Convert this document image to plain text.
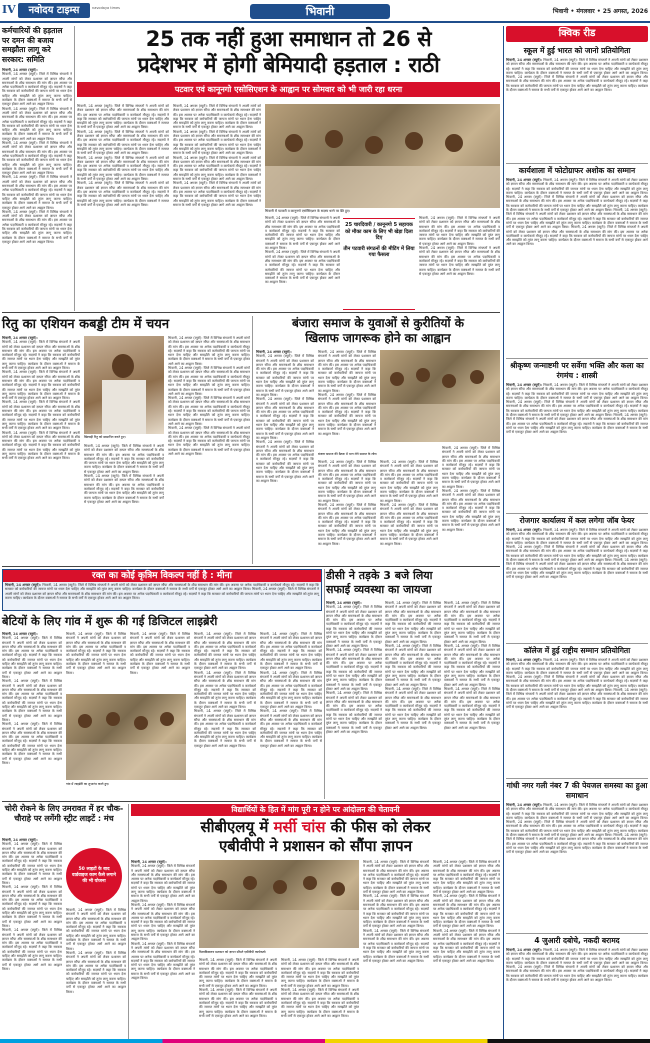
IV	नवोदय टाइम्स	navodaya times	भिवानी	भिवानी • मंगलवार • 25 अगस्त, 2026
कर्मचारियों की हड़ताल पर दमन की बजाय समझौता लागू करे सरकार: समिति
भिवानी, 24 अगस्त (ब्यूरो):
भिवानी, 24 अगस्त (ब्यूरो): जिले में विभिन्न संगठनों ने अपनी मांगों को लेकर प्रशासन को ज्ञापन सौंपा और समस्याओं के शीघ्र समाधान की मांग की। इस अवसर पर अनेक पदाधिकारी व कार्यकर्ता मौजूद रहे। सदस्यों ने कहा कि सरकार को कर्मचारियों की जायज मांगों पर ध्यान देना चाहिए और समझौते को तुरंत लागू करना चाहिए। कार्यक्रम के दौरान वक्ताओं ने समाज के सभी वर्गों से एकजुट होकर आगे आने का आह्वान किया।
भिवानी, 24 अगस्त (ब्यूरो): जिले में विभिन्न संगठनों ने अपनी मांगों को लेकर प्रशासन को ज्ञापन सौंपा और समस्याओं के शीघ्र समाधान की मांग की। इस अवसर पर अनेक पदाधिकारी व कार्यकर्ता मौजूद रहे। सदस्यों ने कहा कि सरकार को कर्मचारियों की जायज मांगों पर ध्यान देना चाहिए और समझौते को तुरंत लागू करना चाहिए। कार्यक्रम के दौरान वक्ताओं ने समाज के सभी वर्गों से एकजुट होकर आगे आने का आह्वान किया।
भिवानी, 24 अगस्त (ब्यूरो): जिले में विभिन्न संगठनों ने अपनी मांगों को लेकर प्रशासन को ज्ञापन सौंपा और समस्याओं के शीघ्र समाधान की मांग की। इस अवसर पर अनेक पदाधिकारी व कार्यकर्ता मौजूद रहे। सदस्यों ने कहा कि सरकार को कर्मचारियों की जायज मांगों पर ध्यान देना चाहिए और समझौते को तुरंत लागू करना चाहिए। कार्यक्रम के दौरान वक्ताओं ने समाज के सभी वर्गों से एकजुट होकर आगे आने का आह्वान किया।
भिवानी, 24 अगस्त (ब्यूरो): जिले में विभिन्न संगठनों ने अपनी मांगों को लेकर प्रशासन को ज्ञापन सौंपा और समस्याओं के शीघ्र समाधान की मांग की। इस अवसर पर अनेक पदाधिकारी व कार्यकर्ता मौजूद रहे। सदस्यों ने कहा कि सरकार को कर्मचारियों की जायज मांगों पर ध्यान देना चाहिए और समझौते को तुरंत लागू करना चाहिए। कार्यक्रम के दौरान वक्ताओं ने समाज के सभी वर्गों से एकजुट होकर आगे आने का आह्वान किया।
भिवानी, 24 अगस्त (ब्यूरो): जिले में विभिन्न संगठनों ने अपनी मांगों को लेकर प्रशासन को ज्ञापन सौंपा और समस्याओं के शीघ्र समाधान की मांग की। इस अवसर पर अनेक पदाधिकारी व कार्यकर्ता मौजूद रहे। सदस्यों ने कहा कि सरकार को कर्मचारियों की जायज मांगों पर ध्यान देना चाहिए और समझौते को तुरंत लागू करना चाहिए। कार्यक्रम के दौरान वक्ताओं ने समाज के सभी वर्गों से एकजुट होकर आगे आने का आह्वान किया।
25 तक नहीं हुआ समाधान तो 26 से
प्रदेशभर में होगी बेमियादी हड़ताल : राठी
पटवार एवं कानूनगो एसोसिएशन के आह्वान पर सोमवार को भी जारी रहा धरना
भिवानी, 24 अगस्त (ब्यूरो): जिले में विभिन्न संगठनों ने अपनी मांगों को लेकर प्रशासन को ज्ञापन सौंपा और समस्याओं के शीघ्र समाधान की मांग की। इस अवसर पर अनेक पदाधिकारी व कार्यकर्ता मौजूद रहे। सदस्यों ने कहा कि सरकार को कर्मचारियों की जायज मांगों पर ध्यान देना चाहिए और समझौते को तुरंत लागू करना चाहिए। कार्यक्रम के दौरान वक्ताओं ने समाज के सभी वर्गों से एकजुट होकर आगे आने का आह्वान किया।
भिवानी, 24 अगस्त (ब्यूरो): जिले में विभिन्न संगठनों ने अपनी मांगों को लेकर प्रशासन को ज्ञापन सौंपा और समस्याओं के शीघ्र समाधान की मांग की। इस अवसर पर अनेक पदाधिकारी व कार्यकर्ता मौजूद रहे। सदस्यों ने कहा कि सरकार को कर्मचारियों की जायज मांगों पर ध्यान देना चाहिए और समझौते को तुरंत लागू करना चाहिए। कार्यक्रम के दौरान वक्ताओं ने समाज के सभी वर्गों से एकजुट होकर आगे आने का आह्वान किया।
भिवानी, 24 अगस्त (ब्यूरो): जिले में विभिन्न संगठनों ने अपनी मांगों को लेकर प्रशासन को ज्ञापन सौंपा और समस्याओं के शीघ्र समाधान की मांग की। इस अवसर पर अनेक पदाधिकारी व कार्यकर्ता मौजूद रहे। सदस्यों ने कहा कि सरकार को कर्मचारियों की जायज मांगों पर ध्यान देना चाहिए और समझौते को तुरंत लागू करना चाहिए। कार्यक्रम के दौरान वक्ताओं ने समाज के सभी वर्गों से एकजुट होकर आगे आने का आह्वान किया।
भिवानी, 24 अगस्त (ब्यूरो): जिले में विभिन्न संगठनों ने अपनी मांगों को लेकर प्रशासन को ज्ञापन सौंपा और समस्याओं के शीघ्र समाधान की मांग की। इस अवसर पर अनेक पदाधिकारी व कार्यकर्ता मौजूद रहे। सदस्यों ने कहा कि सरकार को कर्मचारियों की जायज मांगों पर ध्यान देना चाहिए और समझौते को तुरंत लागू करना चाहिए। कार्यक्रम के दौरान वक्ताओं ने समाज के सभी वर्गों से एकजुट होकर आगे आने का आह्वान किया।
भिवानी, 24 अगस्त (ब्यूरो): जिले में विभिन्न संगठनों ने अपनी मांगों को लेकर प्रशासन को ज्ञापन सौंपा और समस्याओं के शीघ्र समाधान की मांग की। इस अवसर पर अनेक पदाधिकारी व कार्यकर्ता मौजूद रहे। सदस्यों ने कहा कि सरकार को कर्मचारियों की जायज मांगों पर ध्यान देना चाहिए और समझौते को तुरंत लागू करना चाहिए। कार्यक्रम के दौरान वक्ताओं ने समाज के सभी वर्गों से एकजुट होकर आगे आने का आह्वान किया।
भिवानी, 24 अगस्त (ब्यूरो): जिले में विभिन्न संगठनों ने अपनी मांगों को लेकर प्रशासन को ज्ञापन सौंपा और समस्याओं के शीघ्र समाधान की मांग की। इस अवसर पर अनेक पदाधिकारी व कार्यकर्ता मौजूद रहे। सदस्यों ने कहा कि सरकार को कर्मचारियों की जायज मांगों पर ध्यान देना चाहिए और समझौते को तुरंत लागू करना चाहिए। कार्यक्रम के दौरान वक्ताओं ने समाज के सभी वर्गों से एकजुट होकर आगे आने का आह्वान किया।
भिवानी, 24 अगस्त (ब्यूरो): जिले में विभिन्न संगठनों ने अपनी मांगों को लेकर प्रशासन को ज्ञापन सौंपा और समस्याओं के शीघ्र समाधान की मांग की। इस अवसर पर अनेक पदाधिकारी व कार्यकर्ता मौजूद रहे। सदस्यों ने कहा कि सरकार को कर्मचारियों की जायज मांगों पर ध्यान देना चाहिए और समझौते को तुरंत लागू करना चाहिए। कार्यक्रम के दौरान वक्ताओं ने समाज के सभी वर्गों से एकजुट होकर आगे आने का आह्वान किया।
भिवानी, 24 अगस्त (ब्यूरो): जिले में विभिन्न संगठनों ने अपनी मांगों को लेकर प्रशासन को ज्ञापन सौंपा और समस्याओं के शीघ्र समाधान की मांग की। इस अवसर पर अनेक पदाधिकारी व कार्यकर्ता मौजूद रहे। सदस्यों ने कहा कि सरकार को कर्मचारियों की जायज मांगों पर ध्यान देना चाहिए और समझौते को तुरंत लागू करना चाहिए। कार्यक्रम के दौरान वक्ताओं ने समाज के सभी वर्गों से एकजुट होकर आगे आने का आह्वान किया।
भिवानी में पटवारी व कानूनगो एसोसिएशन के सदस्य धरने पर बैठे हुए।
भिवानी, 24 अगस्त (ब्यूरो): जिले में विभिन्न संगठनों ने अपनी मांगों को लेकर प्रशासन को ज्ञापन सौंपा और समस्याओं के शीघ्र समाधान की मांग की। इस अवसर पर अनेक पदाधिकारी व कार्यकर्ता मौजूद रहे। सदस्यों ने कहा कि सरकार को कर्मचारियों की जायज मांगों पर ध्यान देना चाहिए और समझौते को तुरंत लागू करना चाहिए। कार्यक्रम के दौरान वक्ताओं ने समाज के सभी वर्गों से एकजुट होकर आगे आने का आह्वान किया।
भिवानी, 24 अगस्त (ब्यूरो): जिले में विभिन्न संगठनों ने अपनी मांगों को लेकर प्रशासन को ज्ञापन सौंपा और समस्याओं के शीघ्र समाधान की मांग की। इस अवसर पर अनेक पदाधिकारी व कार्यकर्ता मौजूद रहे। सदस्यों ने कहा कि सरकार को कर्मचारियों की जायज मांगों पर ध्यान देना चाहिए और समझौते को तुरंत लागू करना चाहिए। कार्यक्रम के दौरान वक्ताओं ने समाज के सभी वर्गों से एकजुट होकर आगे आने का आह्वान किया।
25 चारदिवारी / कानूनगो 5 सहायक को मौका काम के लिए भी खेड़ा दिला दिए
तीन पटवारी संगठनों की मीटिंग में लिया गया फैसला
भिवानी, 24 अगस्त (ब्यूरो): जिले में विभिन्न संगठनों ने अपनी मांगों को लेकर प्रशासन को ज्ञापन सौंपा और समस्याओं के शीघ्र समाधान की मांग की। इस अवसर पर अनेक पदाधिकारी व कार्यकर्ता मौजूद रहे। सदस्यों ने कहा कि सरकार को कर्मचारियों की जायज मांगों पर ध्यान देना चाहिए और समझौते को तुरंत लागू करना चाहिए। कार्यक्रम के दौरान वक्ताओं ने समाज के सभी वर्गों से एकजुट होकर आगे आने का आह्वान किया।
भिवानी, 24 अगस्त (ब्यूरो): जिले में विभिन्न संगठनों ने अपनी मांगों को लेकर प्रशासन को ज्ञापन सौंपा और समस्याओं के शीघ्र समाधान की मांग की। इस अवसर पर अनेक पदाधिकारी व कार्यकर्ता मौजूद रहे। सदस्यों ने कहा कि सरकार को कर्मचारियों की जायज मांगों पर ध्यान देना चाहिए और समझौते को तुरंत लागू करना चाहिए। कार्यक्रम के दौरान वक्ताओं ने समाज के सभी वर्गों से एकजुट होकर आगे आने का आह्वान किया।
रितु का एशियन कबड्डी टीम में चयन
भिवानी, 24 अगस्त (ब्यूरो):
भिवानी, 24 अगस्त (ब्यूरो): जिले में विभिन्न संगठनों ने अपनी मांगों को लेकर प्रशासन को ज्ञापन सौंपा और समस्याओं के शीघ्र समाधान की मांग की। इस अवसर पर अनेक पदाधिकारी व कार्यकर्ता मौजूद रहे। सदस्यों ने कहा कि सरकार को कर्मचारियों की जायज मांगों पर ध्यान देना चाहिए और समझौते को तुरंत लागू करना चाहिए। कार्यक्रम के दौरान वक्ताओं ने समाज के सभी वर्गों से एकजुट होकर आगे आने का आह्वान किया।
भिवानी, 24 अगस्त (ब्यूरो): जिले में विभिन्न संगठनों ने अपनी मांगों को लेकर प्रशासन को ज्ञापन सौंपा और समस्याओं के शीघ्र समाधान की मांग की। इस अवसर पर अनेक पदाधिकारी व कार्यकर्ता मौजूद रहे। सदस्यों ने कहा कि सरकार को कर्मचारियों की जायज मांगों पर ध्यान देना चाहिए और समझौते को तुरंत लागू करना चाहिए। कार्यक्रम के दौरान वक्ताओं ने समाज के सभी वर्गों से एकजुट होकर आगे आने का आह्वान किया।
भिवानी, 24 अगस्त (ब्यूरो): जिले में विभिन्न संगठनों ने अपनी मांगों को लेकर प्रशासन को ज्ञापन सौंपा और समस्याओं के शीघ्र समाधान की मांग की। इस अवसर पर अनेक पदाधिकारी व कार्यकर्ता मौजूद रहे। सदस्यों ने कहा कि सरकार को कर्मचारियों की जायज मांगों पर ध्यान देना चाहिए और समझौते को तुरंत लागू करना चाहिए। कार्यक्रम के दौरान वक्ताओं ने समाज के सभी वर्गों से एकजुट होकर आगे आने का आह्वान किया।
भिवानी, 24 अगस्त (ब्यूरो): जिले में विभिन्न संगठनों ने अपनी मांगों को लेकर प्रशासन को ज्ञापन सौंपा और समस्याओं के शीघ्र समाधान की मांग की। इस अवसर पर अनेक पदाधिकारी व कार्यकर्ता मौजूद रहे। सदस्यों ने कहा कि सरकार को कर्मचारियों की जायज मांगों पर ध्यान देना चाहिए और समझौते को तुरंत लागू करना चाहिए। कार्यक्रम के दौरान वक्ताओं ने समाज के सभी वर्गों से एकजुट होकर आगे आने का आह्वान किया।
खिलाड़ी रितु को सम्मानित करते हुए।
भिवानी, 24 अगस्त (ब्यूरो): जिले में विभिन्न संगठनों ने अपनी मांगों को लेकर प्रशासन को ज्ञापन सौंपा और समस्याओं के शीघ्र समाधान की मांग की। इस अवसर पर अनेक पदाधिकारी व कार्यकर्ता मौजूद रहे। सदस्यों ने कहा कि सरकार को कर्मचारियों की जायज मांगों पर ध्यान देना चाहिए और समझौते को तुरंत लागू करना चाहिए। कार्यक्रम के दौरान वक्ताओं ने समाज के सभी वर्गों से एकजुट होकर आगे आने का आह्वान किया।
भिवानी, 24 अगस्त (ब्यूरो): जिले में विभिन्न संगठनों ने अपनी मांगों को लेकर प्रशासन को ज्ञापन सौंपा और समस्याओं के शीघ्र समाधान की मांग की। इस अवसर पर अनेक पदाधिकारी व कार्यकर्ता मौजूद रहे। सदस्यों ने कहा कि सरकार को कर्मचारियों की जायज मांगों पर ध्यान देना चाहिए और समझौते को तुरंत लागू करना चाहिए। कार्यक्रम के दौरान वक्ताओं ने समाज के सभी वर्गों से एकजुट होकर आगे आने का आह्वान किया।
भिवानी, 24 अगस्त (ब्यूरो): जिले में विभिन्न संगठनों ने अपनी मांगों को लेकर प्रशासन को ज्ञापन सौंपा और समस्याओं के शीघ्र समाधान की मांग की। इस अवसर पर अनेक पदाधिकारी व कार्यकर्ता मौजूद रहे। सदस्यों ने कहा कि सरकार को कर्मचारियों की जायज मांगों पर ध्यान देना चाहिए और समझौते को तुरंत लागू करना चाहिए। कार्यक्रम के दौरान वक्ताओं ने समाज के सभी वर्गों से एकजुट होकर आगे आने का आह्वान किया।
भिवानी, 24 अगस्त (ब्यूरो): जिले में विभिन्न संगठनों ने अपनी मांगों को लेकर प्रशासन को ज्ञापन सौंपा और समस्याओं के शीघ्र समाधान की मांग की। इस अवसर पर अनेक पदाधिकारी व कार्यकर्ता मौजूद रहे। सदस्यों ने कहा कि सरकार को कर्मचारियों की जायज मांगों पर ध्यान देना चाहिए और समझौते को तुरंत लागू करना चाहिए। कार्यक्रम के दौरान वक्ताओं ने समाज के सभी वर्गों से एकजुट होकर आगे आने का आह्वान किया।
भिवानी, 24 अगस्त (ब्यूरो): जिले में विभिन्न संगठनों ने अपनी मांगों को लेकर प्रशासन को ज्ञापन सौंपा और समस्याओं के शीघ्र समाधान की मांग की। इस अवसर पर अनेक पदाधिकारी व कार्यकर्ता मौजूद रहे। सदस्यों ने कहा कि सरकार को कर्मचारियों की जायज मांगों पर ध्यान देना चाहिए और समझौते को तुरंत लागू करना चाहिए। कार्यक्रम के दौरान वक्ताओं ने समाज के सभी वर्गों से एकजुट होकर आगे आने का आह्वान किया।
भिवानी, 24 अगस्त (ब्यूरो): जिले में विभिन्न संगठनों ने अपनी मांगों को लेकर प्रशासन को ज्ञापन सौंपा और समस्याओं के शीघ्र समाधान की मांग की। इस अवसर पर अनेक पदाधिकारी व कार्यकर्ता मौजूद रहे। सदस्यों ने कहा कि सरकार को कर्मचारियों की जायज मांगों पर ध्यान देना चाहिए और समझौते को तुरंत लागू करना चाहिए। कार्यक्रम के दौरान वक्ताओं ने समाज के सभी वर्गों से एकजुट होकर आगे आने का आह्वान किया।
बंजारा समाज के युवाओं से कुरीतियों के
खिलाफ जागरूक होने का आह्वान
भिवानी, 24 अगस्त (ब्यूरो):
भिवानी, 24 अगस्त (ब्यूरो): जिले में विभिन्न संगठनों ने अपनी मांगों को लेकर प्रशासन को ज्ञापन सौंपा और समस्याओं के शीघ्र समाधान की मांग की। इस अवसर पर अनेक पदाधिकारी व कार्यकर्ता मौजूद रहे। सदस्यों ने कहा कि सरकार को कर्मचारियों की जायज मांगों पर ध्यान देना चाहिए और समझौते को तुरंत लागू करना चाहिए। कार्यक्रम के दौरान वक्ताओं ने समाज के सभी वर्गों से एकजुट होकर आगे आने का आह्वान किया।
भिवानी, 24 अगस्त (ब्यूरो): जिले में विभिन्न संगठनों ने अपनी मांगों को लेकर प्रशासन को ज्ञापन सौंपा और समस्याओं के शीघ्र समाधान की मांग की। इस अवसर पर अनेक पदाधिकारी व कार्यकर्ता मौजूद रहे। सदस्यों ने कहा कि सरकार को कर्मचारियों की जायज मांगों पर ध्यान देना चाहिए और समझौते को तुरंत लागू करना चाहिए। कार्यक्रम के दौरान वक्ताओं ने समाज के सभी वर्गों से एकजुट होकर आगे आने का आह्वान किया।
भिवानी, 24 अगस्त (ब्यूरो): जिले में विभिन्न संगठनों ने अपनी मांगों को लेकर प्रशासन को ज्ञापन सौंपा और समस्याओं के शीघ्र समाधान की मांग की। इस अवसर पर अनेक पदाधिकारी व कार्यकर्ता मौजूद रहे। सदस्यों ने कहा कि सरकार को कर्मचारियों की जायज मांगों पर ध्यान देना चाहिए और समझौते को तुरंत लागू करना चाहिए। कार्यक्रम के दौरान वक्ताओं ने समाज के सभी वर्गों से एकजुट होकर आगे आने का आह्वान किया।
भिवानी, 24 अगस्त (ब्यूरो): जिले में विभिन्न संगठनों ने अपनी मांगों को लेकर प्रशासन को ज्ञापन सौंपा और समस्याओं के शीघ्र समाधान की मांग की। इस अवसर पर अनेक पदाधिकारी व कार्यकर्ता मौजूद रहे। सदस्यों ने कहा कि सरकार को कर्मचारियों की जायज मांगों पर ध्यान देना चाहिए और समझौते को तुरंत लागू करना चाहिए। कार्यक्रम के दौरान वक्ताओं ने समाज के सभी वर्गों से एकजुट होकर आगे आने का आह्वान किया।
भिवानी, 24 अगस्त (ब्यूरो): जिले में विभिन्न संगठनों ने अपनी मांगों को लेकर प्रशासन को ज्ञापन सौंपा और समस्याओं के शीघ्र समाधान की मांग की। इस अवसर पर अनेक पदाधिकारी व कार्यकर्ता मौजूद रहे। सदस्यों ने कहा कि सरकार को कर्मचारियों की जायज मांगों पर ध्यान देना चाहिए और समझौते को तुरंत लागू करना चाहिए। कार्यक्रम के दौरान वक्ताओं ने समाज के सभी वर्गों से एकजुट होकर आगे आने का आह्वान किया।
बंजारा समाज की बैठक में भाग लेते समाज के लोग।
भिवानी, 24 अगस्त (ब्यूरो): जिले में विभिन्न संगठनों ने अपनी मांगों को लेकर प्रशासन को ज्ञापन सौंपा और समस्याओं के शीघ्र समाधान की मांग की। इस अवसर पर अनेक पदाधिकारी व कार्यकर्ता मौजूद रहे। सदस्यों ने कहा कि सरकार को कर्मचारियों की जायज मांगों पर ध्यान देना चाहिए और समझौते को तुरंत लागू करना चाहिए। कार्यक्रम के दौरान वक्ताओं ने समाज के सभी वर्गों से एकजुट होकर आगे आने का आह्वान किया।
भिवानी, 24 अगस्त (ब्यूरो): जिले में विभिन्न संगठनों ने अपनी मांगों को लेकर प्रशासन को ज्ञापन सौंपा और समस्याओं के शीघ्र समाधान की मांग की। इस अवसर पर अनेक पदाधिकारी व कार्यकर्ता मौजूद रहे। सदस्यों ने कहा कि सरकार को कर्मचारियों की जायज मांगों पर ध्यान देना चाहिए और समझौते को तुरंत लागू करना चाहिए। कार्यक्रम के दौरान वक्ताओं ने समाज के सभी वर्गों से एकजुट होकर आगे आने का आह्वान किया।
भिवानी, 24 अगस्त (ब्यूरो): जिले में विभिन्न संगठनों ने अपनी मांगों को लेकर प्रशासन को ज्ञापन सौंपा और समस्याओं के शीघ्र समाधान की मांग की। इस अवसर पर अनेक पदाधिकारी व कार्यकर्ता मौजूद रहे। सदस्यों ने कहा कि सरकार को कर्मचारियों की जायज मांगों पर ध्यान देना चाहिए और समझौते को तुरंत लागू करना चाहिए। कार्यक्रम के दौरान वक्ताओं ने समाज के सभी वर्गों से एकजुट होकर आगे आने का आह्वान किया।
भिवानी, 24 अगस्त (ब्यूरो): जिले में विभिन्न संगठनों ने अपनी मांगों को लेकर प्रशासन को ज्ञापन सौंपा और समस्याओं के शीघ्र समाधान की मांग की। इस अवसर पर अनेक पदाधिकारी व कार्यकर्ता मौजूद रहे। सदस्यों ने कहा कि सरकार को कर्मचारियों की जायज मांगों पर ध्यान देना चाहिए और समझौते को तुरंत लागू करना चाहिए। कार्यक्रम के दौरान वक्ताओं ने समाज के सभी वर्गों से एकजुट होकर आगे आने का आह्वान किया।
भिवानी, 24 अगस्त (ब्यूरो): जिले में विभिन्न संगठनों ने अपनी मांगों को लेकर प्रशासन को ज्ञापन सौंपा और समस्याओं के शीघ्र समाधान की मांग की। इस अवसर पर अनेक पदाधिकारी व कार्यकर्ता मौजूद रहे। सदस्यों ने कहा कि सरकार को कर्मचारियों की जायज मांगों पर ध्यान देना चाहिए और समझौते को तुरंत लागू करना चाहिए। कार्यक्रम के दौरान वक्ताओं ने समाज के सभी वर्गों से एकजुट होकर आगे आने का आह्वान किया।
भिवानी, 24 अगस्त (ब्यूरो): जिले में विभिन्न संगठनों ने अपनी मांगों को लेकर प्रशासन को ज्ञापन सौंपा और समस्याओं के शीघ्र समाधान की मांग की। इस अवसर पर अनेक पदाधिकारी व कार्यकर्ता मौजूद रहे। सदस्यों ने कहा कि सरकार को कर्मचारियों की जायज मांगों पर ध्यान देना चाहिए और समझौते को तुरंत लागू करना चाहिए। कार्यक्रम के दौरान वक्ताओं ने समाज के सभी वर्गों से एकजुट होकर आगे आने का आह्वान किया।
रक्त का कोई कृत्रिम विकल्प नहीं है : मीना
भिवानी, 24 अगस्त (ब्यूरो): भिवानी, 24 अगस्त (ब्यूरो): जिले में विभिन्न संगठनों ने अपनी मांगों को लेकर प्रशासन को ज्ञापन सौंपा और समस्याओं के शीघ्र समाधान की मांग की। इस अवसर पर अनेक पदाधिकारी व कार्यकर्ता मौजूद रहे। सदस्यों ने कहा कि सरकार को कर्मचारियों की जायज मांगों पर ध्यान देना चाहिए और समझौते को तुरंत लागू करना चाहिए। कार्यक्रम के दौरान वक्ताओं ने समाज के सभी वर्गों से एकजुट होकर आगे आने का आह्वान किया। भिवानी, 24 अगस्त (ब्यूरो): जिले में विभिन्न संगठनों ने अपनी मांगों को लेकर प्रशासन को ज्ञापन सौंपा और समस्याओं के शीघ्र समाधान की मांग की। इस अवसर पर अनेक पदाधिकारी व कार्यकर्ता मौजूद रहे। सदस्यों ने कहा कि सरकार को कर्मचारियों की जायज मांगों पर ध्यान देना चाहिए और समझौते को तुरंत लागू करना चाहिए। कार्यक्रम के दौरान वक्ताओं ने समाज के सभी वर्गों से एकजुट होकर आगे आने का आह्वान किया।
डीसी ने तड़के 3 बजे लिया
सफाई व्यवस्था का जायजा
भिवानी, 24 अगस्त (ब्यूरो):
भिवानी, 24 अगस्त (ब्यूरो): जिले में विभिन्न संगठनों ने अपनी मांगों को लेकर प्रशासन को ज्ञापन सौंपा और समस्याओं के शीघ्र समाधान की मांग की। इस अवसर पर अनेक पदाधिकारी व कार्यकर्ता मौजूद रहे। सदस्यों ने कहा कि सरकार को कर्मचारियों की जायज मांगों पर ध्यान देना चाहिए और समझौते को तुरंत लागू करना चाहिए। कार्यक्रम के दौरान वक्ताओं ने समाज के सभी वर्गों से एकजुट होकर आगे आने का आह्वान किया।
भिवानी, 24 अगस्त (ब्यूरो): जिले में विभिन्न संगठनों ने अपनी मांगों को लेकर प्रशासन को ज्ञापन सौंपा और समस्याओं के शीघ्र समाधान की मांग की। इस अवसर पर अनेक पदाधिकारी व कार्यकर्ता मौजूद रहे। सदस्यों ने कहा कि सरकार को कर्मचारियों की जायज मांगों पर ध्यान देना चाहिए और समझौते को तुरंत लागू करना चाहिए। कार्यक्रम के दौरान वक्ताओं ने समाज के सभी वर्गों से एकजुट होकर आगे आने का आह्वान किया।
भिवानी, 24 अगस्त (ब्यूरो): जिले में विभिन्न संगठनों ने अपनी मांगों को लेकर प्रशासन को ज्ञापन सौंपा और समस्याओं के शीघ्र समाधान की मांग की। इस अवसर पर अनेक पदाधिकारी व कार्यकर्ता मौजूद रहे। सदस्यों ने कहा कि सरकार को कर्मचारियों की जायज मांगों पर ध्यान देना चाहिए और समझौते को तुरंत लागू करना चाहिए। कार्यक्रम के दौरान वक्ताओं ने समाज के सभी वर्गों से एकजुट होकर आगे आने का आह्वान किया।
भिवानी, 24 अगस्त (ब्यूरो): जिले में विभिन्न संगठनों ने अपनी मांगों को लेकर प्रशासन को ज्ञापन सौंपा और समस्याओं के शीघ्र समाधान की मांग की। इस अवसर पर अनेक पदाधिकारी व कार्यकर्ता मौजूद रहे। सदस्यों ने कहा कि सरकार को कर्मचारियों की जायज मांगों पर ध्यान देना चाहिए और समझौते को तुरंत लागू करना चाहिए। कार्यक्रम के दौरान वक्ताओं ने समाज के सभी वर्गों से एकजुट होकर आगे आने का आह्वान किया।
भिवानी, 24 अगस्त (ब्यूरो): जिले में विभिन्न संगठनों ने अपनी मांगों को लेकर प्रशासन को ज्ञापन सौंपा और समस्याओं के शीघ्र समाधान की मांग की। इस अवसर पर अनेक पदाधिकारी व कार्यकर्ता मौजूद रहे। सदस्यों ने कहा कि सरकार को कर्मचारियों की जायज मांगों पर ध्यान देना चाहिए और समझौते को तुरंत लागू करना चाहिए। कार्यक्रम के दौरान वक्ताओं ने समाज के सभी वर्गों से एकजुट होकर आगे आने का आह्वान किया।
भिवानी, 24 अगस्त (ब्यूरो): जिले में विभिन्न संगठनों ने अपनी मांगों को लेकर प्रशासन को ज्ञापन सौंपा और समस्याओं के शीघ्र समाधान की मांग की। इस अवसर पर अनेक पदाधिकारी व कार्यकर्ता मौजूद रहे। सदस्यों ने कहा कि सरकार को कर्मचारियों की जायज मांगों पर ध्यान देना चाहिए और समझौते को तुरंत लागू करना चाहिए। कार्यक्रम के दौरान वक्ताओं ने समाज के सभी वर्गों से एकजुट होकर आगे आने का आह्वान किया।
भिवानी, 24 अगस्त (ब्यूरो): जिले में विभिन्न संगठनों ने अपनी मांगों को लेकर प्रशासन को ज्ञापन सौंपा और समस्याओं के शीघ्र समाधान की मांग की। इस अवसर पर अनेक पदाधिकारी व कार्यकर्ता मौजूद रहे। सदस्यों ने कहा कि सरकार को कर्मचारियों की जायज मांगों पर ध्यान देना चाहिए और समझौते को तुरंत लागू करना चाहिए। कार्यक्रम के दौरान वक्ताओं ने समाज के सभी वर्गों से एकजुट होकर आगे आने का आह्वान किया।
भिवानी, 24 अगस्त (ब्यूरो): जिले में विभिन्न संगठनों ने अपनी मांगों को लेकर प्रशासन को ज्ञापन सौंपा और समस्याओं के शीघ्र समाधान की मांग की। इस अवसर पर अनेक पदाधिकारी व कार्यकर्ता मौजूद रहे। सदस्यों ने कहा कि सरकार को कर्मचारियों की जायज मांगों पर ध्यान देना चाहिए और समझौते को तुरंत लागू करना चाहिए। कार्यक्रम के दौरान वक्ताओं ने समाज के सभी वर्गों से एकजुट होकर आगे आने का आह्वान किया।
भिवानी, 24 अगस्त (ब्यूरो): जिले में विभिन्न संगठनों ने अपनी मांगों को लेकर प्रशासन को ज्ञापन सौंपा और समस्याओं के शीघ्र समाधान की मांग की। इस अवसर पर अनेक पदाधिकारी व कार्यकर्ता मौजूद रहे। सदस्यों ने कहा कि सरकार को कर्मचारियों की जायज मांगों पर ध्यान देना चाहिए और समझौते को तुरंत लागू करना चाहिए। कार्यक्रम के दौरान वक्ताओं ने समाज के सभी वर्गों से एकजुट होकर आगे आने का आह्वान किया।
बेटियों के लिए गांव में शुरू की गई डिजिटल लाइब्रेरी
भिवानी, 24 अगस्त (ब्यूरो):
भिवानी, 24 अगस्त (ब्यूरो): जिले में विभिन्न संगठनों ने अपनी मांगों को लेकर प्रशासन को ज्ञापन सौंपा और समस्याओं के शीघ्र समाधान की मांग की। इस अवसर पर अनेक पदाधिकारी व कार्यकर्ता मौजूद रहे। सदस्यों ने कहा कि सरकार को कर्मचारियों की जायज मांगों पर ध्यान देना चाहिए और समझौते को तुरंत लागू करना चाहिए। कार्यक्रम के दौरान वक्ताओं ने समाज के सभी वर्गों से एकजुट होकर आगे आने का आह्वान किया।
भिवानी, 24 अगस्त (ब्यूरो): जिले में विभिन्न संगठनों ने अपनी मांगों को लेकर प्रशासन को ज्ञापन सौंपा और समस्याओं के शीघ्र समाधान की मांग की। इस अवसर पर अनेक पदाधिकारी व कार्यकर्ता मौजूद रहे। सदस्यों ने कहा कि सरकार को कर्मचारियों की जायज मांगों पर ध्यान देना चाहिए और समझौते को तुरंत लागू करना चाहिए। कार्यक्रम के दौरान वक्ताओं ने समाज के सभी वर्गों से एकजुट होकर आगे आने का आह्वान किया।
भिवानी, 24 अगस्त (ब्यूरो): जिले में विभिन्न संगठनों ने अपनी मांगों को लेकर प्रशासन को ज्ञापन सौंपा और समस्याओं के शीघ्र समाधान की मांग की। इस अवसर पर अनेक पदाधिकारी व कार्यकर्ता मौजूद रहे। सदस्यों ने कहा कि सरकार को कर्मचारियों की जायज मांगों पर ध्यान देना चाहिए और समझौते को तुरंत लागू करना चाहिए। कार्यक्रम के दौरान वक्ताओं ने समाज के सभी वर्गों से एकजुट होकर आगे आने का आह्वान किया।
भिवानी, 24 अगस्त (ब्यूरो): जिले में विभिन्न संगठनों ने अपनी मांगों को लेकर प्रशासन को ज्ञापन सौंपा और समस्याओं के शीघ्र समाधान की मांग की। इस अवसर पर अनेक पदाधिकारी व कार्यकर्ता मौजूद रहे। सदस्यों ने कहा कि सरकार को कर्मचारियों की जायज मांगों पर ध्यान देना चाहिए और समझौते को तुरंत लागू करना चाहिए। कार्यक्रम के दौरान वक्ताओं ने समाज के सभी वर्गों से एकजुट होकर आगे आने का आह्वान किया।
गांव में लाइब्रेरी का शुभारंभ करते हुए।
भिवानी, 24 अगस्त (ब्यूरो): जिले में विभिन्न संगठनों ने अपनी मांगों को लेकर प्रशासन को ज्ञापन सौंपा और समस्याओं के शीघ्र समाधान की मांग की। इस अवसर पर अनेक पदाधिकारी व कार्यकर्ता मौजूद रहे। सदस्यों ने कहा कि सरकार को कर्मचारियों की जायज मांगों पर ध्यान देना चाहिए और समझौते को तुरंत लागू करना चाहिए। कार्यक्रम के दौरान वक्ताओं ने समाज के सभी वर्गों से एकजुट होकर आगे आने का आह्वान किया।
भिवानी, 24 अगस्त (ब्यूरो): जिले में विभिन्न संगठनों ने अपनी मांगों को लेकर प्रशासन को ज्ञापन सौंपा और समस्याओं के शीघ्र समाधान की मांग की। इस अवसर पर अनेक पदाधिकारी व कार्यकर्ता मौजूद रहे। सदस्यों ने कहा कि सरकार को कर्मचारियों की जायज मांगों पर ध्यान देना चाहिए और समझौते को तुरंत लागू करना चाहिए। कार्यक्रम के दौरान वक्ताओं ने समाज के सभी वर्गों से एकजुट होकर आगे आने का आह्वान किया।
भिवानी, 24 अगस्त (ब्यूरो): जिले में विभिन्न संगठनों ने अपनी मांगों को लेकर प्रशासन को ज्ञापन सौंपा और समस्याओं के शीघ्र समाधान की मांग की। इस अवसर पर अनेक पदाधिकारी व कार्यकर्ता मौजूद रहे। सदस्यों ने कहा कि सरकार को कर्मचारियों की जायज मांगों पर ध्यान देना चाहिए और समझौते को तुरंत लागू करना चाहिए। कार्यक्रम के दौरान वक्ताओं ने समाज के सभी वर्गों से एकजुट होकर आगे आने का आह्वान किया।
भिवानी, 24 अगस्त (ब्यूरो): जिले में विभिन्न संगठनों ने अपनी मांगों को लेकर प्रशासन को ज्ञापन सौंपा और समस्याओं के शीघ्र समाधान की मांग की। इस अवसर पर अनेक पदाधिकारी व कार्यकर्ता मौजूद रहे। सदस्यों ने कहा कि सरकार को कर्मचारियों की जायज मांगों पर ध्यान देना चाहिए और समझौते को तुरंत लागू करना चाहिए। कार्यक्रम के दौरान वक्ताओं ने समाज के सभी वर्गों से एकजुट होकर आगे आने का आह्वान किया।
भिवानी, 24 अगस्त (ब्यूरो): जिले में विभिन्न संगठनों ने अपनी मांगों को लेकर प्रशासन को ज्ञापन सौंपा और समस्याओं के शीघ्र समाधान की मांग की। इस अवसर पर अनेक पदाधिकारी व कार्यकर्ता मौजूद रहे। सदस्यों ने कहा कि सरकार को कर्मचारियों की जायज मांगों पर ध्यान देना चाहिए और समझौते को तुरंत लागू करना चाहिए। कार्यक्रम के दौरान वक्ताओं ने समाज के सभी वर्गों से एकजुट होकर आगे आने का आह्वान किया।
भिवानी, 24 अगस्त (ब्यूरो): जिले में विभिन्न संगठनों ने अपनी मांगों को लेकर प्रशासन को ज्ञापन सौंपा और समस्याओं के शीघ्र समाधान की मांग की। इस अवसर पर अनेक पदाधिकारी व कार्यकर्ता मौजूद रहे। सदस्यों ने कहा कि सरकार को कर्मचारियों की जायज मांगों पर ध्यान देना चाहिए और समझौते को तुरंत लागू करना चाहिए। कार्यक्रम के दौरान वक्ताओं ने समाज के सभी वर्गों से एकजुट होकर आगे आने का आह्वान किया।
भिवानी, 24 अगस्त (ब्यूरो): जिले में विभिन्न संगठनों ने अपनी मांगों को लेकर प्रशासन को ज्ञापन सौंपा और समस्याओं के शीघ्र समाधान की मांग की। इस अवसर पर अनेक पदाधिकारी व कार्यकर्ता मौजूद रहे। सदस्यों ने कहा कि सरकार को कर्मचारियों की जायज मांगों पर ध्यान देना चाहिए और समझौते को तुरंत लागू करना चाहिए। कार्यक्रम के दौरान वक्ताओं ने समाज के सभी वर्गों से एकजुट होकर आगे आने का आह्वान किया।
चोरी रोकने के लिए उमरावत में हर चौक-चौराहे पर लगेंगी स्ट्रीट लाइटें : मंच
भिवानी, 24 अगस्त (ब्यूरो):
भिवानी, 24 अगस्त (ब्यूरो): जिले में विभिन्न संगठनों ने अपनी मांगों को लेकर प्रशासन को ज्ञापन सौंपा और समस्याओं के शीघ्र समाधान की मांग की। इस अवसर पर अनेक पदाधिकारी व कार्यकर्ता मौजूद रहे। सदस्यों ने कहा कि सरकार को कर्मचारियों की जायज मांगों पर ध्यान देना चाहिए और समझौते को तुरंत लागू करना चाहिए। कार्यक्रम के दौरान वक्ताओं ने समाज के सभी वर्गों से एकजुट होकर आगे आने का आह्वान किया।
भिवानी, 24 अगस्त (ब्यूरो): जिले में विभिन्न संगठनों ने अपनी मांगों को लेकर प्रशासन को ज्ञापन सौंपा और समस्याओं के शीघ्र समाधान की मांग की। इस अवसर पर अनेक पदाधिकारी व कार्यकर्ता मौजूद रहे। सदस्यों ने कहा कि सरकार को कर्मचारियों की जायज मांगों पर ध्यान देना चाहिए और समझौते को तुरंत लागू करना चाहिए। कार्यक्रम के दौरान वक्ताओं ने समाज के सभी वर्गों से एकजुट होकर आगे आने का आह्वान किया।
भिवानी, 24 अगस्त (ब्यूरो): जिले में विभिन्न संगठनों ने अपनी मांगों को लेकर प्रशासन को ज्ञापन सौंपा और समस्याओं के शीघ्र समाधान की मांग की। इस अवसर पर अनेक पदाधिकारी व कार्यकर्ता मौजूद रहे। सदस्यों ने कहा कि सरकार को कर्मचारियों की जायज मांगों पर ध्यान देना चाहिए और समझौते को तुरंत लागू करना चाहिए। कार्यक्रम के दौरान वक्ताओं ने समाज के सभी वर्गों से एकजुट होकर आगे आने का आह्वान किया।
50 लाइटों के बाद वार्डवाइज काम कैसे लगाने की भी योजना
भिवानी, 24 अगस्त (ब्यूरो): जिले में विभिन्न संगठनों ने अपनी मांगों को लेकर प्रशासन को ज्ञापन सौंपा और समस्याओं के शीघ्र समाधान की मांग की। इस अवसर पर अनेक पदाधिकारी व कार्यकर्ता मौजूद रहे। सदस्यों ने कहा कि सरकार को कर्मचारियों की जायज मांगों पर ध्यान देना चाहिए और समझौते को तुरंत लागू करना चाहिए। कार्यक्रम के दौरान वक्ताओं ने समाज के सभी वर्गों से एकजुट होकर आगे आने का आह्वान किया।
भिवानी, 24 अगस्त (ब्यूरो): जिले में विभिन्न संगठनों ने अपनी मांगों को लेकर प्रशासन को ज्ञापन सौंपा और समस्याओं के शीघ्र समाधान की मांग की। इस अवसर पर अनेक पदाधिकारी व कार्यकर्ता मौजूद रहे। सदस्यों ने कहा कि सरकार को कर्मचारियों की जायज मांगों पर ध्यान देना चाहिए और समझौते को तुरंत लागू करना चाहिए। कार्यक्रम के दौरान वक्ताओं ने समाज के सभी वर्गों से एकजुट होकर आगे आने का आह्वान किया।
विद्यार्थियों के हित में मांग पूरी न होने पर आंदोलन की चेतावनी
सीबीएलयू में मर्सी चांस की फीस को लेकर
एबीवीपी ने प्रशासन को सौंपा ज्ञापन
भिवानी, 24 अगस्त (ब्यूरो):
भिवानी, 24 अगस्त (ब्यूरो): जिले में विभिन्न संगठनों ने अपनी मांगों को लेकर प्रशासन को ज्ञापन सौंपा और समस्याओं के शीघ्र समाधान की मांग की। इस अवसर पर अनेक पदाधिकारी व कार्यकर्ता मौजूद रहे। सदस्यों ने कहा कि सरकार को कर्मचारियों की जायज मांगों पर ध्यान देना चाहिए और समझौते को तुरंत लागू करना चाहिए। कार्यक्रम के दौरान वक्ताओं ने समाज के सभी वर्गों से एकजुट होकर आगे आने का आह्वान किया।
भिवानी, 24 अगस्त (ब्यूरो): जिले में विभिन्न संगठनों ने अपनी मांगों को लेकर प्रशासन को ज्ञापन सौंपा और समस्याओं के शीघ्र समाधान की मांग की। इस अवसर पर अनेक पदाधिकारी व कार्यकर्ता मौजूद रहे। सदस्यों ने कहा कि सरकार को कर्मचारियों की जायज मांगों पर ध्यान देना चाहिए और समझौते को तुरंत लागू करना चाहिए। कार्यक्रम के दौरान वक्ताओं ने समाज के सभी वर्गों से एकजुट होकर आगे आने का आह्वान किया।
भिवानी, 24 अगस्त (ब्यूरो): जिले में विभिन्न संगठनों ने अपनी मांगों को लेकर प्रशासन को ज्ञापन सौंपा और समस्याओं के शीघ्र समाधान की मांग की। इस अवसर पर अनेक पदाधिकारी व कार्यकर्ता मौजूद रहे। सदस्यों ने कहा कि सरकार को कर्मचारियों की जायज मांगों पर ध्यान देना चाहिए और समझौते को तुरंत लागू करना चाहिए। कार्यक्रम के दौरान वक्ताओं ने समाज के सभी वर्गों से एकजुट होकर आगे आने का आह्वान किया।
विश्वविद्यालय प्रशासन को ज्ञापन सौंपते एबीवीपी कार्यकर्ता।
भिवानी, 24 अगस्त (ब्यूरो): जिले में विभिन्न संगठनों ने अपनी मांगों को लेकर प्रशासन को ज्ञापन सौंपा और समस्याओं के शीघ्र समाधान की मांग की। इस अवसर पर अनेक पदाधिकारी व कार्यकर्ता मौजूद रहे। सदस्यों ने कहा कि सरकार को कर्मचारियों की जायज मांगों पर ध्यान देना चाहिए और समझौते को तुरंत लागू करना चाहिए। कार्यक्रम के दौरान वक्ताओं ने समाज के सभी वर्गों से एकजुट होकर आगे आने का आह्वान किया।
भिवानी, 24 अगस्त (ब्यूरो): जिले में विभिन्न संगठनों ने अपनी मांगों को लेकर प्रशासन को ज्ञापन सौंपा और समस्याओं के शीघ्र समाधान की मांग की। इस अवसर पर अनेक पदाधिकारी व कार्यकर्ता मौजूद रहे। सदस्यों ने कहा कि सरकार को कर्मचारियों की जायज मांगों पर ध्यान देना चाहिए और समझौते को तुरंत लागू करना चाहिए। कार्यक्रम के दौरान वक्ताओं ने समाज के सभी वर्गों से एकजुट होकर आगे आने का आह्वान किया।
भिवानी, 24 अगस्त (ब्यूरो): जिले में विभिन्न संगठनों ने अपनी मांगों को लेकर प्रशासन को ज्ञापन सौंपा और समस्याओं के शीघ्र समाधान की मांग की। इस अवसर पर अनेक पदाधिकारी व कार्यकर्ता मौजूद रहे। सदस्यों ने कहा कि सरकार को कर्मचारियों की जायज मांगों पर ध्यान देना चाहिए और समझौते को तुरंत लागू करना चाहिए। कार्यक्रम के दौरान वक्ताओं ने समाज के सभी वर्गों से एकजुट होकर आगे आने का आह्वान किया।
भिवानी, 24 अगस्त (ब्यूरो): जिले में विभिन्न संगठनों ने अपनी मांगों को लेकर प्रशासन को ज्ञापन सौंपा और समस्याओं के शीघ्र समाधान की मांग की। इस अवसर पर अनेक पदाधिकारी व कार्यकर्ता मौजूद रहे। सदस्यों ने कहा कि सरकार को कर्मचारियों की जायज मांगों पर ध्यान देना चाहिए और समझौते को तुरंत लागू करना चाहिए। कार्यक्रम के दौरान वक्ताओं ने समाज के सभी वर्गों से एकजुट होकर आगे आने का आह्वान किया।
भिवानी, 24 अगस्त (ब्यूरो): जिले में विभिन्न संगठनों ने अपनी मांगों को लेकर प्रशासन को ज्ञापन सौंपा और समस्याओं के शीघ्र समाधान की मांग की। इस अवसर पर अनेक पदाधिकारी व कार्यकर्ता मौजूद रहे। सदस्यों ने कहा कि सरकार को कर्मचारियों की जायज मांगों पर ध्यान देना चाहिए और समझौते को तुरंत लागू करना चाहिए। कार्यक्रम के दौरान वक्ताओं ने समाज के सभी वर्गों से एकजुट होकर आगे आने का आह्वान किया।
भिवानी, 24 अगस्त (ब्यूरो): जिले में विभिन्न संगठनों ने अपनी मांगों को लेकर प्रशासन को ज्ञापन सौंपा और समस्याओं के शीघ्र समाधान की मांग की। इस अवसर पर अनेक पदाधिकारी व कार्यकर्ता मौजूद रहे। सदस्यों ने कहा कि सरकार को कर्मचारियों की जायज मांगों पर ध्यान देना चाहिए और समझौते को तुरंत लागू करना चाहिए। कार्यक्रम के दौरान वक्ताओं ने समाज के सभी वर्गों से एकजुट होकर आगे आने का आह्वान किया।
भिवानी, 24 अगस्त (ब्यूरो): जिले में विभिन्न संगठनों ने अपनी मांगों को लेकर प्रशासन को ज्ञापन सौंपा और समस्याओं के शीघ्र समाधान की मांग की। इस अवसर पर अनेक पदाधिकारी व कार्यकर्ता मौजूद रहे। सदस्यों ने कहा कि सरकार को कर्मचारियों की जायज मांगों पर ध्यान देना चाहिए और समझौते को तुरंत लागू करना चाहिए। कार्यक्रम के दौरान वक्ताओं ने समाज के सभी वर्गों से एकजुट होकर आगे आने का आह्वान किया।
भिवानी, 24 अगस्त (ब्यूरो): जिले में विभिन्न संगठनों ने अपनी मांगों को लेकर प्रशासन को ज्ञापन सौंपा और समस्याओं के शीघ्र समाधान की मांग की। इस अवसर पर अनेक पदाधिकारी व कार्यकर्ता मौजूद रहे। सदस्यों ने कहा कि सरकार को कर्मचारियों की जायज मांगों पर ध्यान देना चाहिए और समझौते को तुरंत लागू करना चाहिए। कार्यक्रम के दौरान वक्ताओं ने समाज के सभी वर्गों से एकजुट होकर आगे आने का आह्वान किया।
भिवानी, 24 अगस्त (ब्यूरो): जिले में विभिन्न संगठनों ने अपनी मांगों को लेकर प्रशासन को ज्ञापन सौंपा और समस्याओं के शीघ्र समाधान की मांग की। इस अवसर पर अनेक पदाधिकारी व कार्यकर्ता मौजूद रहे। सदस्यों ने कहा कि सरकार को कर्मचारियों की जायज मांगों पर ध्यान देना चाहिए और समझौते को तुरंत लागू करना चाहिए। कार्यक्रम के दौरान वक्ताओं ने समाज के सभी वर्गों से एकजुट होकर आगे आने का आह्वान किया।
भिवानी, 24 अगस्त (ब्यूरो): जिले में विभिन्न संगठनों ने अपनी मांगों को लेकर प्रशासन को ज्ञापन सौंपा और समस्याओं के शीघ्र समाधान की मांग की। इस अवसर पर अनेक पदाधिकारी व कार्यकर्ता मौजूद रहे। सदस्यों ने कहा कि सरकार को कर्मचारियों की जायज मांगों पर ध्यान देना चाहिए और समझौते को तुरंत लागू करना चाहिए। कार्यक्रम के दौरान वक्ताओं ने समाज के सभी वर्गों से एकजुट होकर आगे आने का आह्वान किया।
क्विक रीड
स्कूल में हुई भारत को जानो प्रतियोगिता
भिवानी, 24 अगस्त (ब्यूरो): भिवानी, 24 अगस्त (ब्यूरो): जिले में विभिन्न संगठनों ने अपनी मांगों को लेकर प्रशासन को ज्ञापन सौंपा और समस्याओं के शीघ्र समाधान की मांग की। इस अवसर पर अनेक पदाधिकारी व कार्यकर्ता मौजूद रहे। सदस्यों ने कहा कि सरकार को कर्मचारियों की जायज मांगों पर ध्यान देना चाहिए और समझौते को तुरंत लागू करना चाहिए। कार्यक्रम के दौरान वक्ताओं ने समाज के सभी वर्गों से एकजुट होकर आगे आने का आह्वान किया। भिवानी, 24 अगस्त (ब्यूरो): जिले में विभिन्न संगठनों ने अपनी मांगों को लेकर प्रशासन को ज्ञापन सौंपा और समस्याओं के शीघ्र समाधान की मांग की। इस अवसर पर अनेक पदाधिकारी व कार्यकर्ता मौजूद रहे। सदस्यों ने कहा कि सरकार को कर्मचारियों की जायज मांगों पर ध्यान देना चाहिए और समझौते को तुरंत लागू करना चाहिए। कार्यक्रम के दौरान वक्ताओं ने समाज के सभी वर्गों से एकजुट होकर आगे आने का आह्वान किया।
कार्यशाला में फोटोग्राफर अशोक का सम्मान
भिवानी, 24 अगस्त (ब्यूरो): भिवानी, 24 अगस्त (ब्यूरो): जिले में विभिन्न संगठनों ने अपनी मांगों को लेकर प्रशासन को ज्ञापन सौंपा और समस्याओं के शीघ्र समाधान की मांग की। इस अवसर पर अनेक पदाधिकारी व कार्यकर्ता मौजूद रहे। सदस्यों ने कहा कि सरकार को कर्मचारियों की जायज मांगों पर ध्यान देना चाहिए और समझौते को तुरंत लागू करना चाहिए। कार्यक्रम के दौरान वक्ताओं ने समाज के सभी वर्गों से एकजुट होकर आगे आने का आह्वान किया। भिवानी, 24 अगस्त (ब्यूरो): जिले में विभिन्न संगठनों ने अपनी मांगों को लेकर प्रशासन को ज्ञापन सौंपा और समस्याओं के शीघ्र समाधान की मांग की। इस अवसर पर अनेक पदाधिकारी व कार्यकर्ता मौजूद रहे। सदस्यों ने कहा कि सरकार को कर्मचारियों की जायज मांगों पर ध्यान देना चाहिए और समझौते को तुरंत लागू करना चाहिए। कार्यक्रम के दौरान वक्ताओं ने समाज के सभी वर्गों से एकजुट होकर आगे आने का आह्वान किया। भिवानी, 24 अगस्त (ब्यूरो): जिले में विभिन्न संगठनों ने अपनी मांगों को लेकर प्रशासन को ज्ञापन सौंपा और समस्याओं के शीघ्र समाधान की मांग की। इस अवसर पर अनेक पदाधिकारी व कार्यकर्ता मौजूद रहे। सदस्यों ने कहा कि सरकार को कर्मचारियों की जायज मांगों पर ध्यान देना चाहिए और समझौते को तुरंत लागू करना चाहिए। कार्यक्रम के दौरान वक्ताओं ने समाज के सभी वर्गों से एकजुट होकर आगे आने का आह्वान किया। भिवानी, 24 अगस्त (ब्यूरो): जिले में विभिन्न संगठनों ने अपनी मांगों को लेकर प्रशासन को ज्ञापन सौंपा और समस्याओं के शीघ्र समाधान की मांग की। इस अवसर पर अनेक पदाधिकारी व कार्यकर्ता मौजूद रहे। सदस्यों ने कहा कि सरकार को कर्मचारियों की जायज मांगों पर ध्यान देना चाहिए और समझौते को तुरंत लागू करना चाहिए। कार्यक्रम के दौरान वक्ताओं ने समाज के सभी वर्गों से एकजुट होकर आगे आने का आह्वान किया।
श्रीकृष्ण जन्माष्टमी पर सर्वेगा भक्ति और कला का रंगमंच : शास्त्री
भिवानी, 24 अगस्त (ब्यूरो): भिवानी, 24 अगस्त (ब्यूरो): जिले में विभिन्न संगठनों ने अपनी मांगों को लेकर प्रशासन को ज्ञापन सौंपा और समस्याओं के शीघ्र समाधान की मांग की। इस अवसर पर अनेक पदाधिकारी व कार्यकर्ता मौजूद रहे। सदस्यों ने कहा कि सरकार को कर्मचारियों की जायज मांगों पर ध्यान देना चाहिए और समझौते को तुरंत लागू करना चाहिए। कार्यक्रम के दौरान वक्ताओं ने समाज के सभी वर्गों से एकजुट होकर आगे आने का आह्वान किया। भिवानी, 24 अगस्त (ब्यूरो): जिले में विभिन्न संगठनों ने अपनी मांगों को लेकर प्रशासन को ज्ञापन सौंपा और समस्याओं के शीघ्र समाधान की मांग की। इस अवसर पर अनेक पदाधिकारी व कार्यकर्ता मौजूद रहे। सदस्यों ने कहा कि सरकार को कर्मचारियों की जायज मांगों पर ध्यान देना चाहिए और समझौते को तुरंत लागू करना चाहिए। कार्यक्रम के दौरान वक्ताओं ने समाज के सभी वर्गों से एकजुट होकर आगे आने का आह्वान किया। भिवानी, 24 अगस्त (ब्यूरो): जिले में विभिन्न संगठनों ने अपनी मांगों को लेकर प्रशासन को ज्ञापन सौंपा और समस्याओं के शीघ्र समाधान की मांग की। इस अवसर पर अनेक पदाधिकारी व कार्यकर्ता मौजूद रहे। सदस्यों ने कहा कि सरकार को कर्मचारियों की जायज मांगों पर ध्यान देना चाहिए और समझौते को तुरंत लागू करना चाहिए। कार्यक्रम के दौरान वक्ताओं ने समाज के सभी वर्गों से एकजुट होकर आगे आने का आह्वान किया।
रोजगार कार्यालय में कल लगेगा जॉब फेयर
भिवानी, 24 अगस्त (ब्यूरो): भिवानी, 24 अगस्त (ब्यूरो): जिले में विभिन्न संगठनों ने अपनी मांगों को लेकर प्रशासन को ज्ञापन सौंपा और समस्याओं के शीघ्र समाधान की मांग की। इस अवसर पर अनेक पदाधिकारी व कार्यकर्ता मौजूद रहे। सदस्यों ने कहा कि सरकार को कर्मचारियों की जायज मांगों पर ध्यान देना चाहिए और समझौते को तुरंत लागू करना चाहिए। कार्यक्रम के दौरान वक्ताओं ने समाज के सभी वर्गों से एकजुट होकर आगे आने का आह्वान किया। भिवानी, 24 अगस्त (ब्यूरो): जिले में विभिन्न संगठनों ने अपनी मांगों को लेकर प्रशासन को ज्ञापन सौंपा और समस्याओं के शीघ्र समाधान की मांग की। इस अवसर पर अनेक पदाधिकारी व कार्यकर्ता मौजूद रहे। सदस्यों ने कहा कि सरकार को कर्मचारियों की जायज मांगों पर ध्यान देना चाहिए और समझौते को तुरंत लागू करना चाहिए। कार्यक्रम के दौरान वक्ताओं ने समाज के सभी वर्गों से एकजुट होकर आगे आने का आह्वान किया। भिवानी, 24 अगस्त (ब्यूरो): जिले में विभिन्न संगठनों ने अपनी मांगों को लेकर प्रशासन को ज्ञापन सौंपा और समस्याओं के शीघ्र समाधान की मांग की। इस अवसर पर अनेक पदाधिकारी व कार्यकर्ता मौजूद रहे। सदस्यों ने कहा कि सरकार को कर्मचारियों की जायज मांगों पर ध्यान देना चाहिए और समझौते को तुरंत लागू करना चाहिए। कार्यक्रम के दौरान वक्ताओं ने समाज के सभी वर्गों से एकजुट होकर आगे आने का आह्वान किया।
कॉलेज में हुई राष्ट्रीय सम्मान प्रतियोगिता
भिवानी, 24 अगस्त (ब्यूरो): भिवानी, 24 अगस्त (ब्यूरो): जिले में विभिन्न संगठनों ने अपनी मांगों को लेकर प्रशासन को ज्ञापन सौंपा और समस्याओं के शीघ्र समाधान की मांग की। इस अवसर पर अनेक पदाधिकारी व कार्यकर्ता मौजूद रहे। सदस्यों ने कहा कि सरकार को कर्मचारियों की जायज मांगों पर ध्यान देना चाहिए और समझौते को तुरंत लागू करना चाहिए। कार्यक्रम के दौरान वक्ताओं ने समाज के सभी वर्गों से एकजुट होकर आगे आने का आह्वान किया। भिवानी, 24 अगस्त (ब्यूरो): जिले में विभिन्न संगठनों ने अपनी मांगों को लेकर प्रशासन को ज्ञापन सौंपा और समस्याओं के शीघ्र समाधान की मांग की। इस अवसर पर अनेक पदाधिकारी व कार्यकर्ता मौजूद रहे। सदस्यों ने कहा कि सरकार को कर्मचारियों की जायज मांगों पर ध्यान देना चाहिए और समझौते को तुरंत लागू करना चाहिए। कार्यक्रम के दौरान वक्ताओं ने समाज के सभी वर्गों से एकजुट होकर आगे आने का आह्वान किया। भिवानी, 24 अगस्त (ब्यूरो): जिले में विभिन्न संगठनों ने अपनी मांगों को लेकर प्रशासन को ज्ञापन सौंपा और समस्याओं के शीघ्र समाधान की मांग की। इस अवसर पर अनेक पदाधिकारी व कार्यकर्ता मौजूद रहे। सदस्यों ने कहा कि सरकार को कर्मचारियों की जायज मांगों पर ध्यान देना चाहिए और समझौते को तुरंत लागू करना चाहिए। कार्यक्रम के दौरान वक्ताओं ने समाज के सभी वर्गों से एकजुट होकर आगे आने का आह्वान किया।
गांधी नगर गली नंबर 7 की पेयजल समस्या का हुआ समाधान
भिवानी, 24 अगस्त (ब्यूरो): भिवानी, 24 अगस्त (ब्यूरो): जिले में विभिन्न संगठनों ने अपनी मांगों को लेकर प्रशासन को ज्ञापन सौंपा और समस्याओं के शीघ्र समाधान की मांग की। इस अवसर पर अनेक पदाधिकारी व कार्यकर्ता मौजूद रहे। सदस्यों ने कहा कि सरकार को कर्मचारियों की जायज मांगों पर ध्यान देना चाहिए और समझौते को तुरंत लागू करना चाहिए। कार्यक्रम के दौरान वक्ताओं ने समाज के सभी वर्गों से एकजुट होकर आगे आने का आह्वान किया। भिवानी, 24 अगस्त (ब्यूरो): जिले में विभिन्न संगठनों ने अपनी मांगों को लेकर प्रशासन को ज्ञापन सौंपा और समस्याओं के शीघ्र समाधान की मांग की। इस अवसर पर अनेक पदाधिकारी व कार्यकर्ता मौजूद रहे। सदस्यों ने कहा कि सरकार को कर्मचारियों की जायज मांगों पर ध्यान देना चाहिए और समझौते को तुरंत लागू करना चाहिए। कार्यक्रम के दौरान वक्ताओं ने समाज के सभी वर्गों से एकजुट होकर आगे आने का आह्वान किया। भिवानी, 24 अगस्त (ब्यूरो): जिले में विभिन्न संगठनों ने अपनी मांगों को लेकर प्रशासन को ज्ञापन सौंपा और समस्याओं के शीघ्र समाधान की मांग की। इस अवसर पर अनेक पदाधिकारी व कार्यकर्ता मौजूद रहे। सदस्यों ने कहा कि सरकार को कर्मचारियों की जायज मांगों पर ध्यान देना चाहिए और समझौते को तुरंत लागू करना चाहिए। कार्यक्रम के दौरान वक्ताओं ने समाज के सभी वर्गों से एकजुट होकर आगे आने का आह्वान किया।
4 जुआरी दबोचे, नकदी बरामद
भिवानी, 24 अगस्त (ब्यूरो): भिवानी, 24 अगस्त (ब्यूरो): जिले में विभिन्न संगठनों ने अपनी मांगों को लेकर प्रशासन को ज्ञापन सौंपा और समस्याओं के शीघ्र समाधान की मांग की। इस अवसर पर अनेक पदाधिकारी व कार्यकर्ता मौजूद रहे। सदस्यों ने कहा कि सरकार को कर्मचारियों की जायज मांगों पर ध्यान देना चाहिए और समझौते को तुरंत लागू करना चाहिए। कार्यक्रम के दौरान वक्ताओं ने समाज के सभी वर्गों से एकजुट होकर आगे आने का आह्वान किया। भिवानी, 24 अगस्त (ब्यूरो): जिले में विभिन्न संगठनों ने अपनी मांगों को लेकर प्रशासन को ज्ञापन सौंपा और समस्याओं के शीघ्र समाधान की मांग की। इस अवसर पर अनेक पदाधिकारी व कार्यकर्ता मौजूद रहे। सदस्यों ने कहा कि सरकार को कर्मचारियों की जायज मांगों पर ध्यान देना चाहिए और समझौते को तुरंत लागू करना चाहिए। कार्यक्रम के दौरान वक्ताओं ने समाज के सभी वर्गों से एकजुट होकर आगे आने का आह्वान किया।
